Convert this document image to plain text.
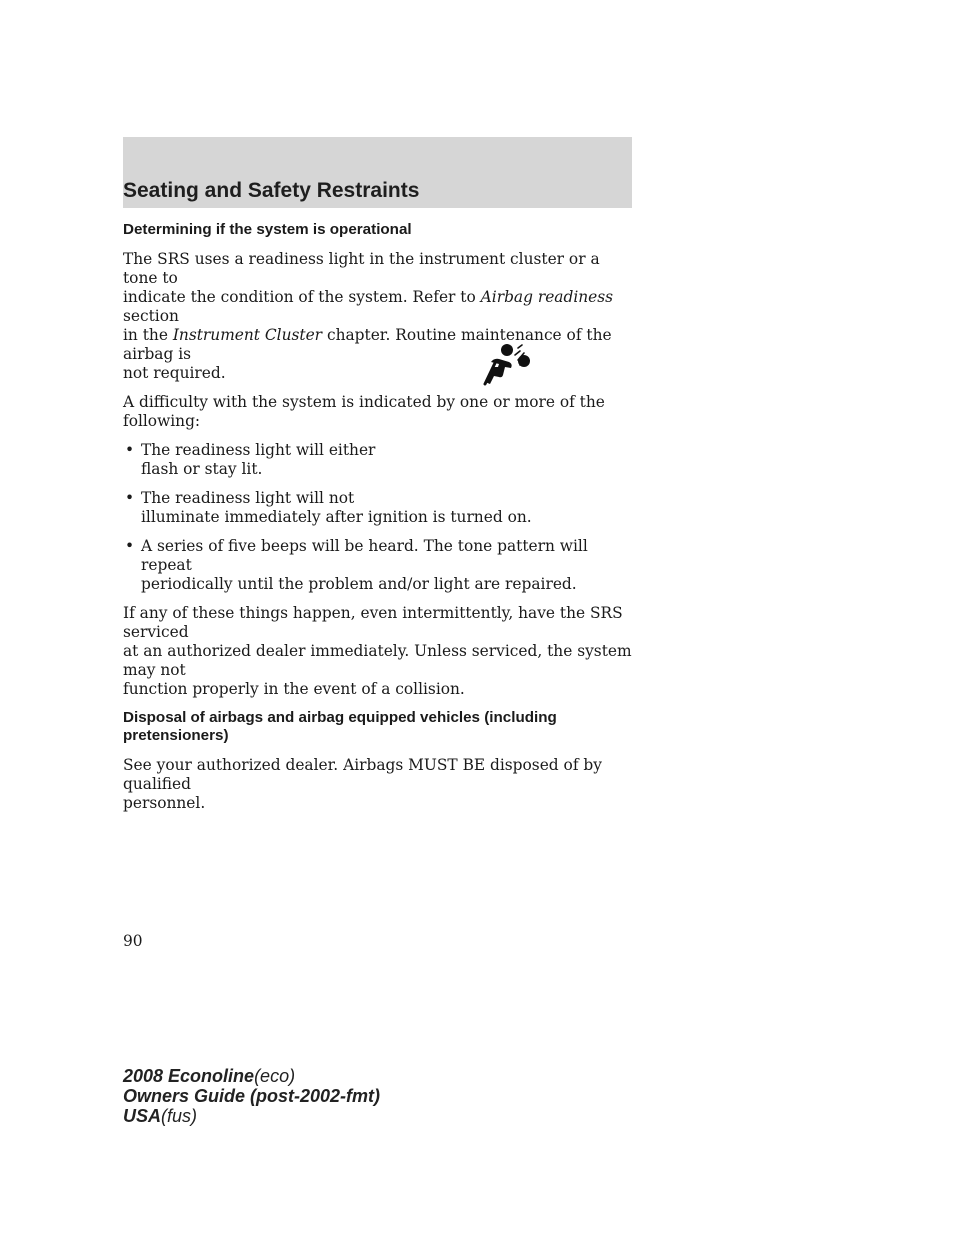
Seating and Safety Restraints
Determining if the system is operational

The SRS uses a readiness light in the instrument cluster or a tone to
indicate the condition of the system. Refer to Airbag readiness section
in the Instrument Cluster chapter. Routine maintenance of the airbag is
not required.

A difficulty with the system is indicated by one or more of the following:

• The readiness light will either
flash or stay lit.
• The readiness light will not
illuminate immediately after ignition is turned on.
• A series of five beeps will be heard. The tone pattern will repeat
periodically until the problem and/or light are repaired.

If any of these things happen, even intermittently, have the SRS serviced
at an authorized dealer immediately. Unless serviced, the system may not
function properly in the event of a collision.

Disposal of airbags and airbag equipped vehicles (including
pretensioners)

See your authorized dealer. Airbags MUST BE disposed of by qualified
personnel.

90
2008 Econoline(eco)
Owners Guide (post-2002-fmt)
USA(fus)
